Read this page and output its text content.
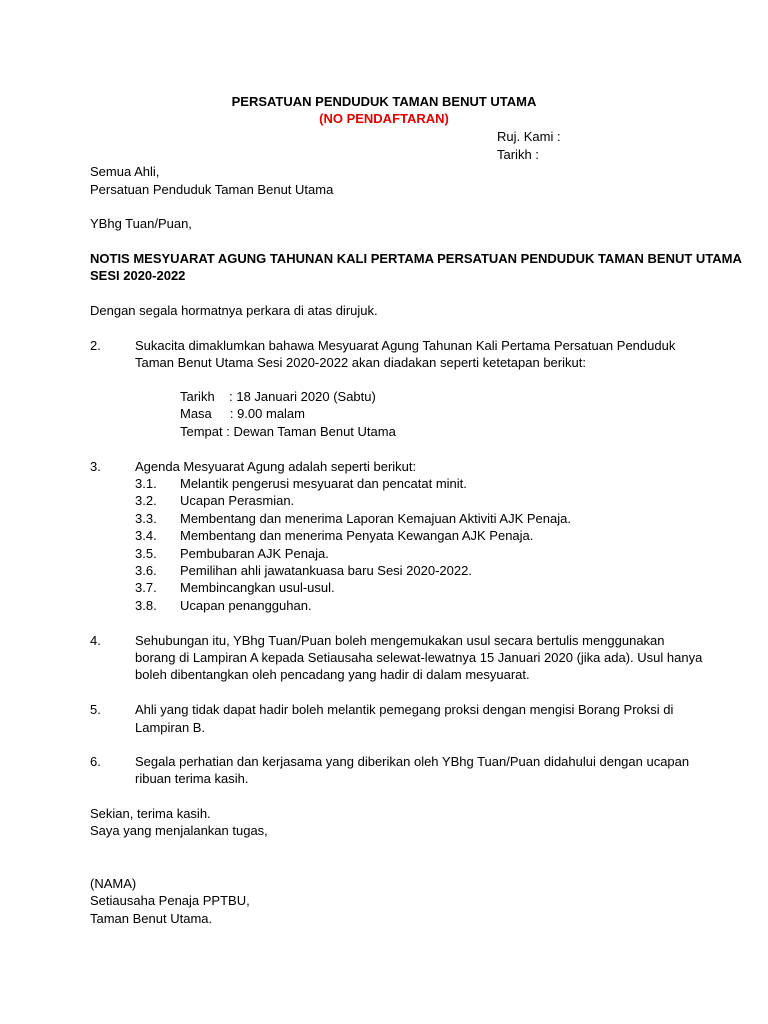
PERSATUAN PENDUDUK TAMAN BENUT UTAMA
(NO PENDAFTARAN)
Ruj. Kami :
Tarikh :
Semua Ahli,
Persatuan Penduduk Taman Benut Utama
YBhg Tuan/Puan,
NOTIS MESYUARAT AGUNG TAHUNAN KALI PERTAMA PERSATUAN PENDUDUK TAMAN BENUT UTAMA
SESI 2020-2022
Dengan segala hormatnya perkara di atas dirujuk.
2.	Sukacita dimaklumkan bahawa Mesyuarat Agung Tahunan Kali Pertama Persatuan Penduduk
Taman Benut Utama Sesi 2020-2022 akan diadakan seperti ketetapan berikut:
Tarikh    : 18 Januari 2020 (Sabtu)
Masa     : 9.00 malam
Tempat : Dewan Taman Benut Utama
3.	Agenda Mesyuarat Agung adalah seperti berikut:
3.1. Melantik pengerusi mesyuarat dan pencatat minit.
3.2. Ucapan Perasmian.
3.3. Membentang dan menerima Laporan Kemajuan Aktiviti AJK Penaja.
3.4. Membentang dan menerima Penyata Kewangan AJK Penaja.
3.5. Pembubaran AJK Penaja.
3.6. Pemilihan ahli jawatankuasa baru Sesi 2020-2022.
3.7. Membincangkan usul-usul.
3.8. Ucapan penangguhan.
4.	Sehubungan itu, YBhg Tuan/Puan boleh mengemukakan usul secara bertulis menggunakan
borang di Lampiran A kepada Setiausaha selewat-lewatnya 15 Januari 2020 (jika ada). Usul hanya
boleh dibentangkan oleh pencadang yang hadir di dalam mesyuarat.
5.	Ahli yang tidak dapat hadir boleh melantik pemegang proksi dengan mengisi Borang Proksi di
Lampiran B.
6.	Segala perhatian dan kerjasama yang diberikan oleh YBhg Tuan/Puan didahului dengan ucapan
ribuan terima kasih.
Sekian, terima kasih.
Saya yang menjalankan tugas,
(NAMA)
Setiausaha Penaja PPTBU,
Taman Benut Utama.
